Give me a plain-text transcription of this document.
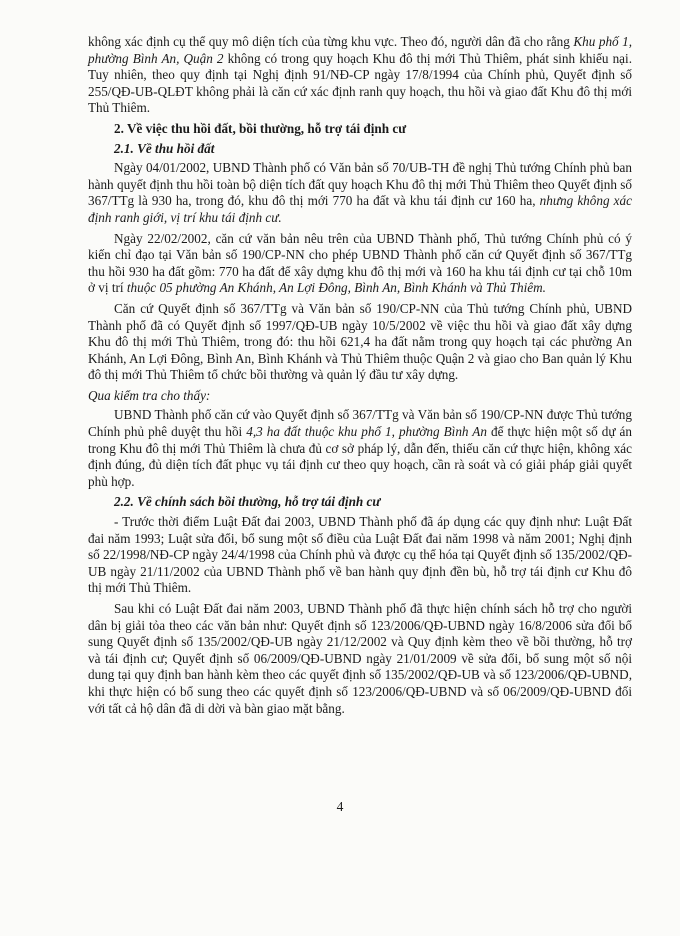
không xác định cụ thể quy mô diện tích của từng khu vực. Theo đó, người dân đã cho rằng Khu phố 1, phường Bình An, Quận 2 không có trong quy hoạch Khu đô thị mới Thủ Thiêm, phát sinh khiếu nại. Tuy nhiên, theo quy định tại Nghị định 91/NĐ-CP ngày 17/8/1994 của Chính phủ, Quyết định số 255/QĐ-UB-QLĐT không phải là căn cứ xác định ranh quy hoạch, thu hồi và giao đất Khu đô thị mới Thủ Thiêm.

2. Về việc thu hồi đất, bồi thường, hỗ trợ tái định cư

2.1. Về thu hồi đất

Ngày 04/01/2002, UBND Thành phố có Văn bản số 70/UB-TH đề nghị Thủ tướng Chính phủ ban hành quyết định thu hồi toàn bộ diện tích đất quy hoạch Khu đô thị mới Thủ Thiêm theo Quyết định số 367/TTg là 930 ha, trong đó, khu đô thị mới 770 ha đất và khu tái định cư 160 ha, nhưng không xác định ranh giới, vị trí khu tái định cư.

Ngày 22/02/2002, căn cứ văn bản nêu trên của UBND Thành phố, Thủ tướng Chính phủ có ý kiến chỉ đạo tại Văn bản số 190/CP-NN cho phép UBND Thành phố căn cứ Quyết định số 367/TTg thu hồi 930 ha đất gồm: 770 ha đất để xây dựng khu đô thị mới và 160 ha khu tái định cư tại chỗ 10m ở vị trí thuộc 05 phường An Khánh, An Lợi Đông, Bình An, Bình Khánh và Thủ Thiêm.

Căn cứ Quyết định số 367/TTg và Văn bản số 190/CP-NN của Thủ tướng Chính phủ, UBND Thành phố đã có Quyết định số 1997/QĐ-UB ngày 10/5/2002 về việc thu hồi và giao đất xây dựng Khu đô thị mới Thủ Thiêm, trong đó: thu hồi 621,4 ha đất nằm trong quy hoạch tại các phường An Khánh, An Lợi Đông, Bình An, Bình Khánh và Thủ Thiêm thuộc Quận 2 và giao cho Ban quản lý Khu đô thị mới Thủ Thiêm tổ chức bồi thường và quản lý đầu tư xây dựng.

Qua kiểm tra cho thấy:

UBND Thành phố căn cứ vào Quyết định số 367/TTg và Văn bản số 190/CP-NN được Thủ tướng Chính phủ phê duyệt thu hồi 4,3 ha đất thuộc khu phố 1, phường Bình An để thực hiện một số dự án trong Khu đô thị mới Thủ Thiêm là chưa đủ cơ sở pháp lý, dẫn đến, thiếu căn cứ thực hiện, không xác định đúng, đủ diện tích đất phục vụ tái định cư theo quy hoạch, cần rà soát và có giải pháp giải quyết phù hợp.

2.2. Về chính sách bồi thường, hỗ trợ tái định cư

- Trước thời điểm Luật Đất đai 2003, UBND Thành phố đã áp dụng các quy định như: Luật Đất đai năm 1993; Luật sửa đổi, bổ sung một số điều của Luật Đất đai năm 1998 và năm 2001; Nghị định số 22/1998/NĐ-CP ngày 24/4/1998 của Chính phủ và được cụ thể hóa tại Quyết định số 135/2002/QĐ-UB ngày 21/11/2002 của UBND Thành phố về ban hành quy định đền bù, hỗ trợ tái định cư Khu đô thị mới Thủ Thiêm.

Sau khi có Luật Đất đai năm 2003, UBND Thành phố đã thực hiện chính sách hỗ trợ cho người dân bị giải tỏa theo các văn bản như: Quyết định số 123/2006/QĐ-UBND ngày 16/8/2006 sửa đổi bổ sung Quyết định số 135/2002/QĐ-UB ngày 21/12/2002 và Quy định kèm theo về bồi thường, hỗ trợ và tái định cư; Quyết định số 06/2009/QĐ-UBND ngày 21/01/2009 về sửa đổi, bổ sung một số nội dung tại quy định ban hành kèm theo các quyết định số 135/2002/QĐ-UB và số 123/2006/QĐ-UBND, khi thực hiện có bổ sung theo các quyết định số 123/2006/QĐ-UBND và số 06/2009/QĐ-UBND đối với tất cả hộ dân đã di dời và bàn giao mặt bằng.

4
